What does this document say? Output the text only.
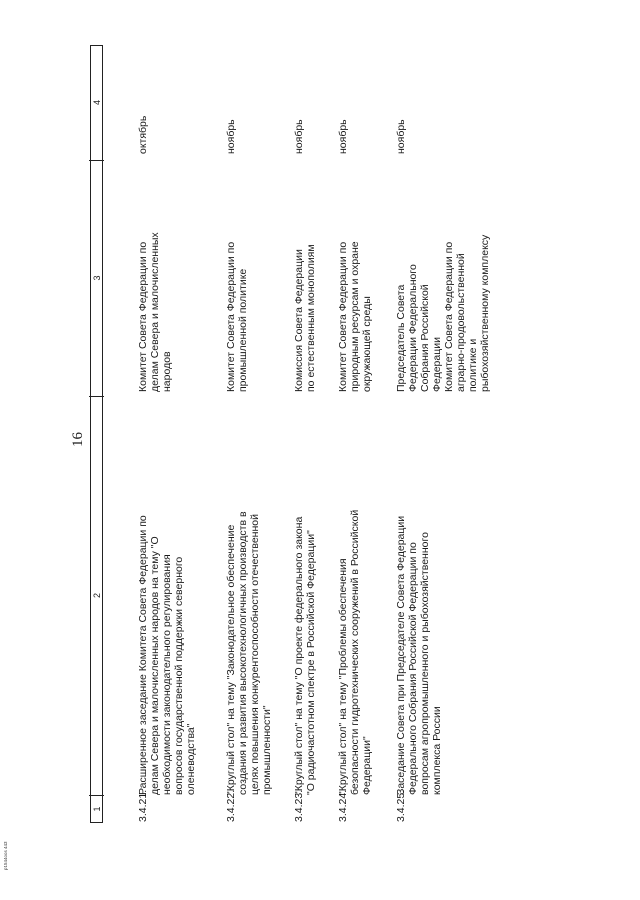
16
p1544oos 443
1
2
3
4
3.4.21.
Расширенное заседание Комитета Совета Федерации по делам Севера и малочисленных народов на тему "О необходимости законодательного регулирования вопросов государственной поддержки северного оленеводства"
Комитет Совета Федерации по делам Севера и малочисленных народов
октябрь
3.4.22.
"Круглый стол" на тему "Законодательное обеспечение создания и развития высокотехнологичных производств в целях повышения конкурентоспособности отечественной промышленности"
Комитет Совета Федерации по промышленной политике
ноябрь
3.4.23.
"Круглый стол" на тему "О проекте федерального закона "О радиочастотном спектре в Российской Федерации"
Комиссия Совета Федерации по естественным монополиям
ноябрь
3.4.24.
"Круглый стол" на тему "Проблемы обеспечения безопасности гидротехнических сооружений в Российской Федерации"
Комитет Совета Федерации по природным ресурсам и охране окружающей среды
ноябрь
3.4.25.
Заседание Совета при Председателе Совета Федерации Федерального Собрания Российской Федерации по вопросам агропромышленного и рыбохозяйственного комплекса России
Председатель Совета Федерации Федерального Собрания Российской Федерации Комитет Совета Федерации по аграрно-продовольственной политике и рыбохозяйственному комплексу
ноябрь
